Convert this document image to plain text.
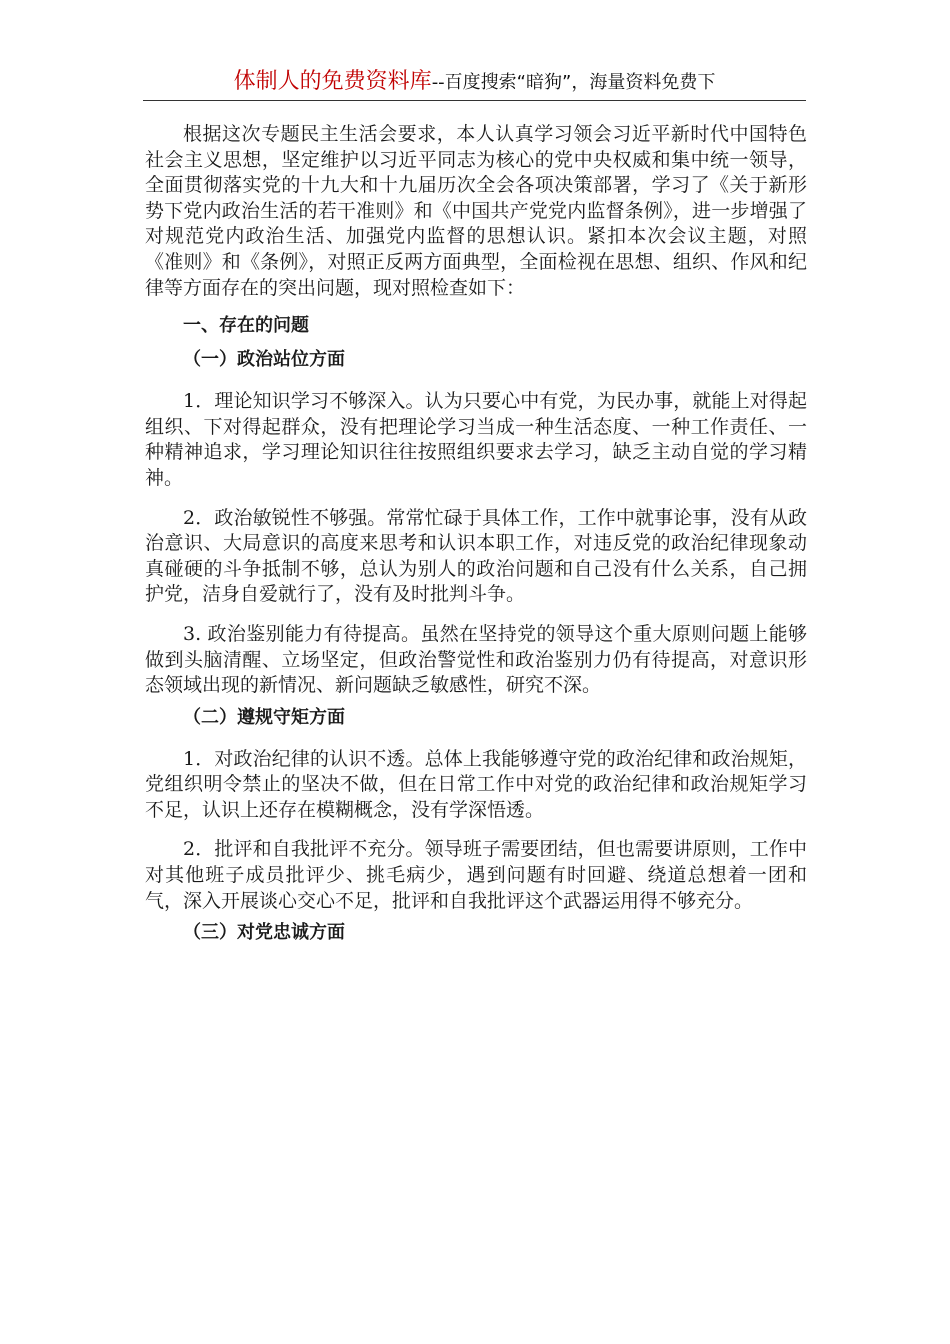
体制人的免费资料库--百度搜索“暗狗”，海量资料免费下

根据这次专题民主生活会要求，本人认真学习领会习近平新时代中国特色社会主义思想，坚定维护以习近平同志为核心的党中央权威和集中统一领导，全面贯彻落实党的十九大和十九届历次全会各项决策部署，学习了《关于新形势下党内政治生活的若干准则》和《中国共产党党内监督条例》，进一步增强了对规范党内政治生活、加强党内监督的思想认识。紧扣本次会议主题，对照《准则》和《条例》，对照正反两方面典型，全面检视在思想、组织、作风和纪律等方面存在的突出问题，现对照检查如下：

一、存在的问题

（一）政治站位方面

1．理论知识学习不够深入。认为只要心中有党，为民办事，就能上对得起组织、下对得起群众，没有把理论学习当成一种生活态度、一种工作责任、一种精神追求，学习理论知识往往按照组织要求去学习，缺乏主动自觉的学习精神。

2．政治敏锐性不够强。常常忙碌于具体工作，工作中就事论事，没有从政治意识、大局意识的高度来思考和认识本职工作，对违反党的政治纪律现象动真碰硬的斗争抵制不够，总认为别人的政治问题和自己没有什么关系，自己拥护党，洁身自爱就行了，没有及时批判斗争。

3. 政治鉴别能力有待提高。虽然在坚持党的领导这个重大原则问题上能够做到头脑清醒、立场坚定，但政治警觉性和政治鉴别力仍有待提高，对意识形态领域出现的新情况、新问题缺乏敏感性，研究不深。

（二）遵规守矩方面

1．对政治纪律的认识不透。总体上我能够遵守党的政治纪律和政治规矩，党组织明令禁止的坚决不做，但在日常工作中对党的政治纪律和政治规矩学习不足，认识上还存在模糊概念，没有学深悟透。

2．批评和自我批评不充分。领导班子需要团结，但也需要讲原则，工作中对其他班子成员批评少、挑毛病少，遇到问题有时回避、绕道总想着一团和气，深入开展谈心交心不足，批评和自我批评这个武器运用得不够充分。

（三）对党忠诚方面
